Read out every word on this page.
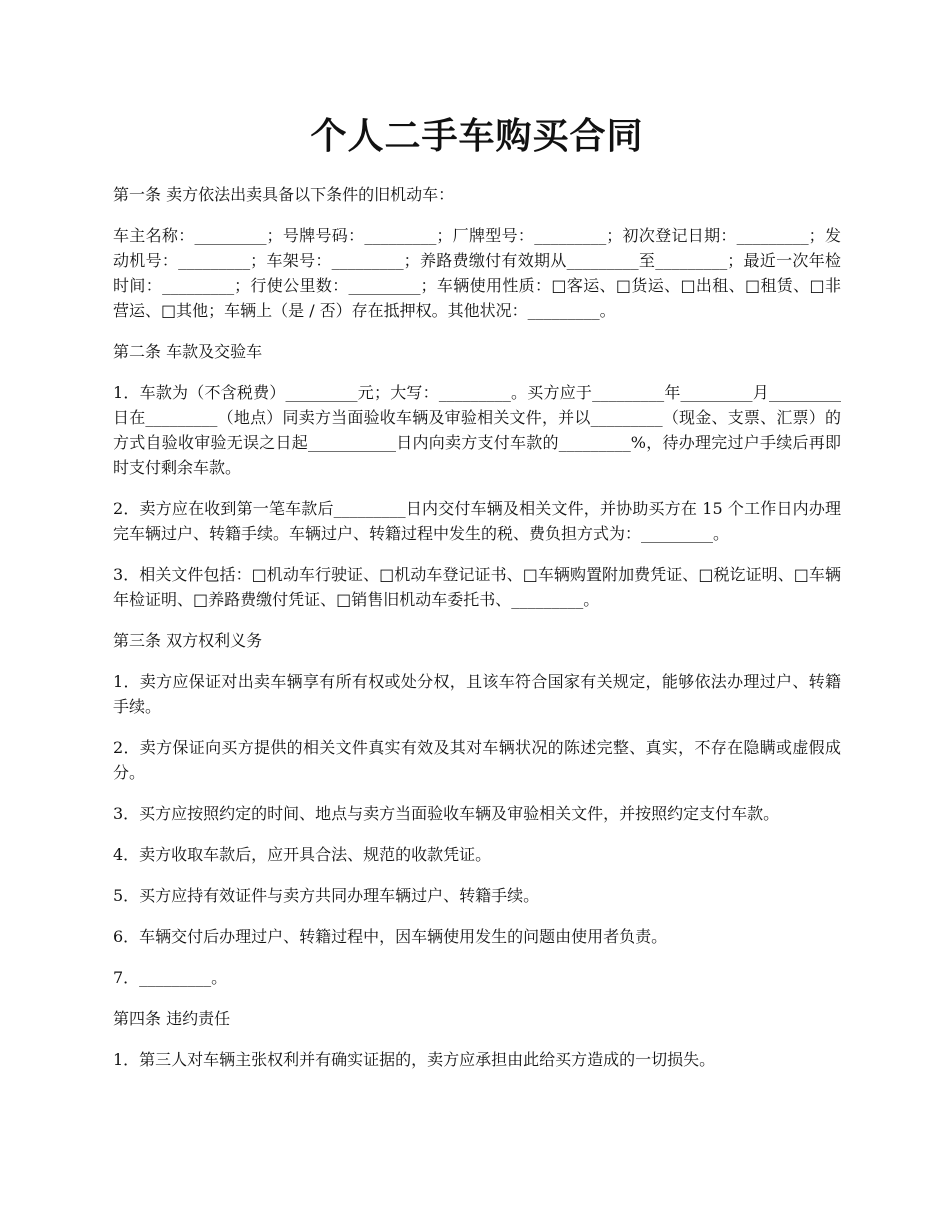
个人二手车购买合同
第一条 卖方依法出卖具备以下条件的旧机动车：
车主名称：_________；号牌号码：_________；厂牌型号：_________；初次登记日期：_________；发动机号：_________；车架号：_________；养路费缴付有效期从_________至_________；最近一次年检时间：_________；行使公里数：_________；车辆使用性质：□客运、□货运、□出租、□租赁、□非营运、□其他；车辆上（是 / 否）存在抵押权。其他状况：_________。
第二条 车款及交验车
1．车款为（不含税费）_________元；大写：_________。买方应于_________年_________月_________日在_________（地点）同卖方当面验收车辆及审验相关文件，并以_________（现金、支票、汇票）的方式自验收审验无误之日起___________日内向卖方支付车款的_________%，待办理完过户手续后再即时支付剩余车款。
2．卖方应在收到第一笔车款后_________日内交付车辆及相关文件，并协助买方在 15 个工作日内办理完车辆过户、转籍手续。车辆过户、转籍过程中发生的税、费负担方式为：_________。
3．相关文件包括：□机动车行驶证、□机动车登记证书、□车辆购置附加费凭证、□税讫证明、□车辆年检证明、□养路费缴付凭证、□销售旧机动车委托书、_________。
第三条 双方权利义务
1．卖方应保证对出卖车辆享有所有权或处分权，且该车符合国家有关规定，能够依法办理过户、转籍手续。
2．卖方保证向买方提供的相关文件真实有效及其对车辆状况的陈述完整、真实，不存在隐瞒或虚假成分。
3．买方应按照约定的时间、地点与卖方当面验收车辆及审验相关文件，并按照约定支付车款。
4．卖方收取车款后，应开具合法、规范的收款凭证。
5．买方应持有效证件与卖方共同办理车辆过户、转籍手续。
6．车辆交付后办理过户、转籍过程中，因车辆使用发生的问题由使用者负责。
7．_________。
第四条 违约责任
1．第三人对车辆主张权利并有确实证据的，卖方应承担由此给买方造成的一切损失。
